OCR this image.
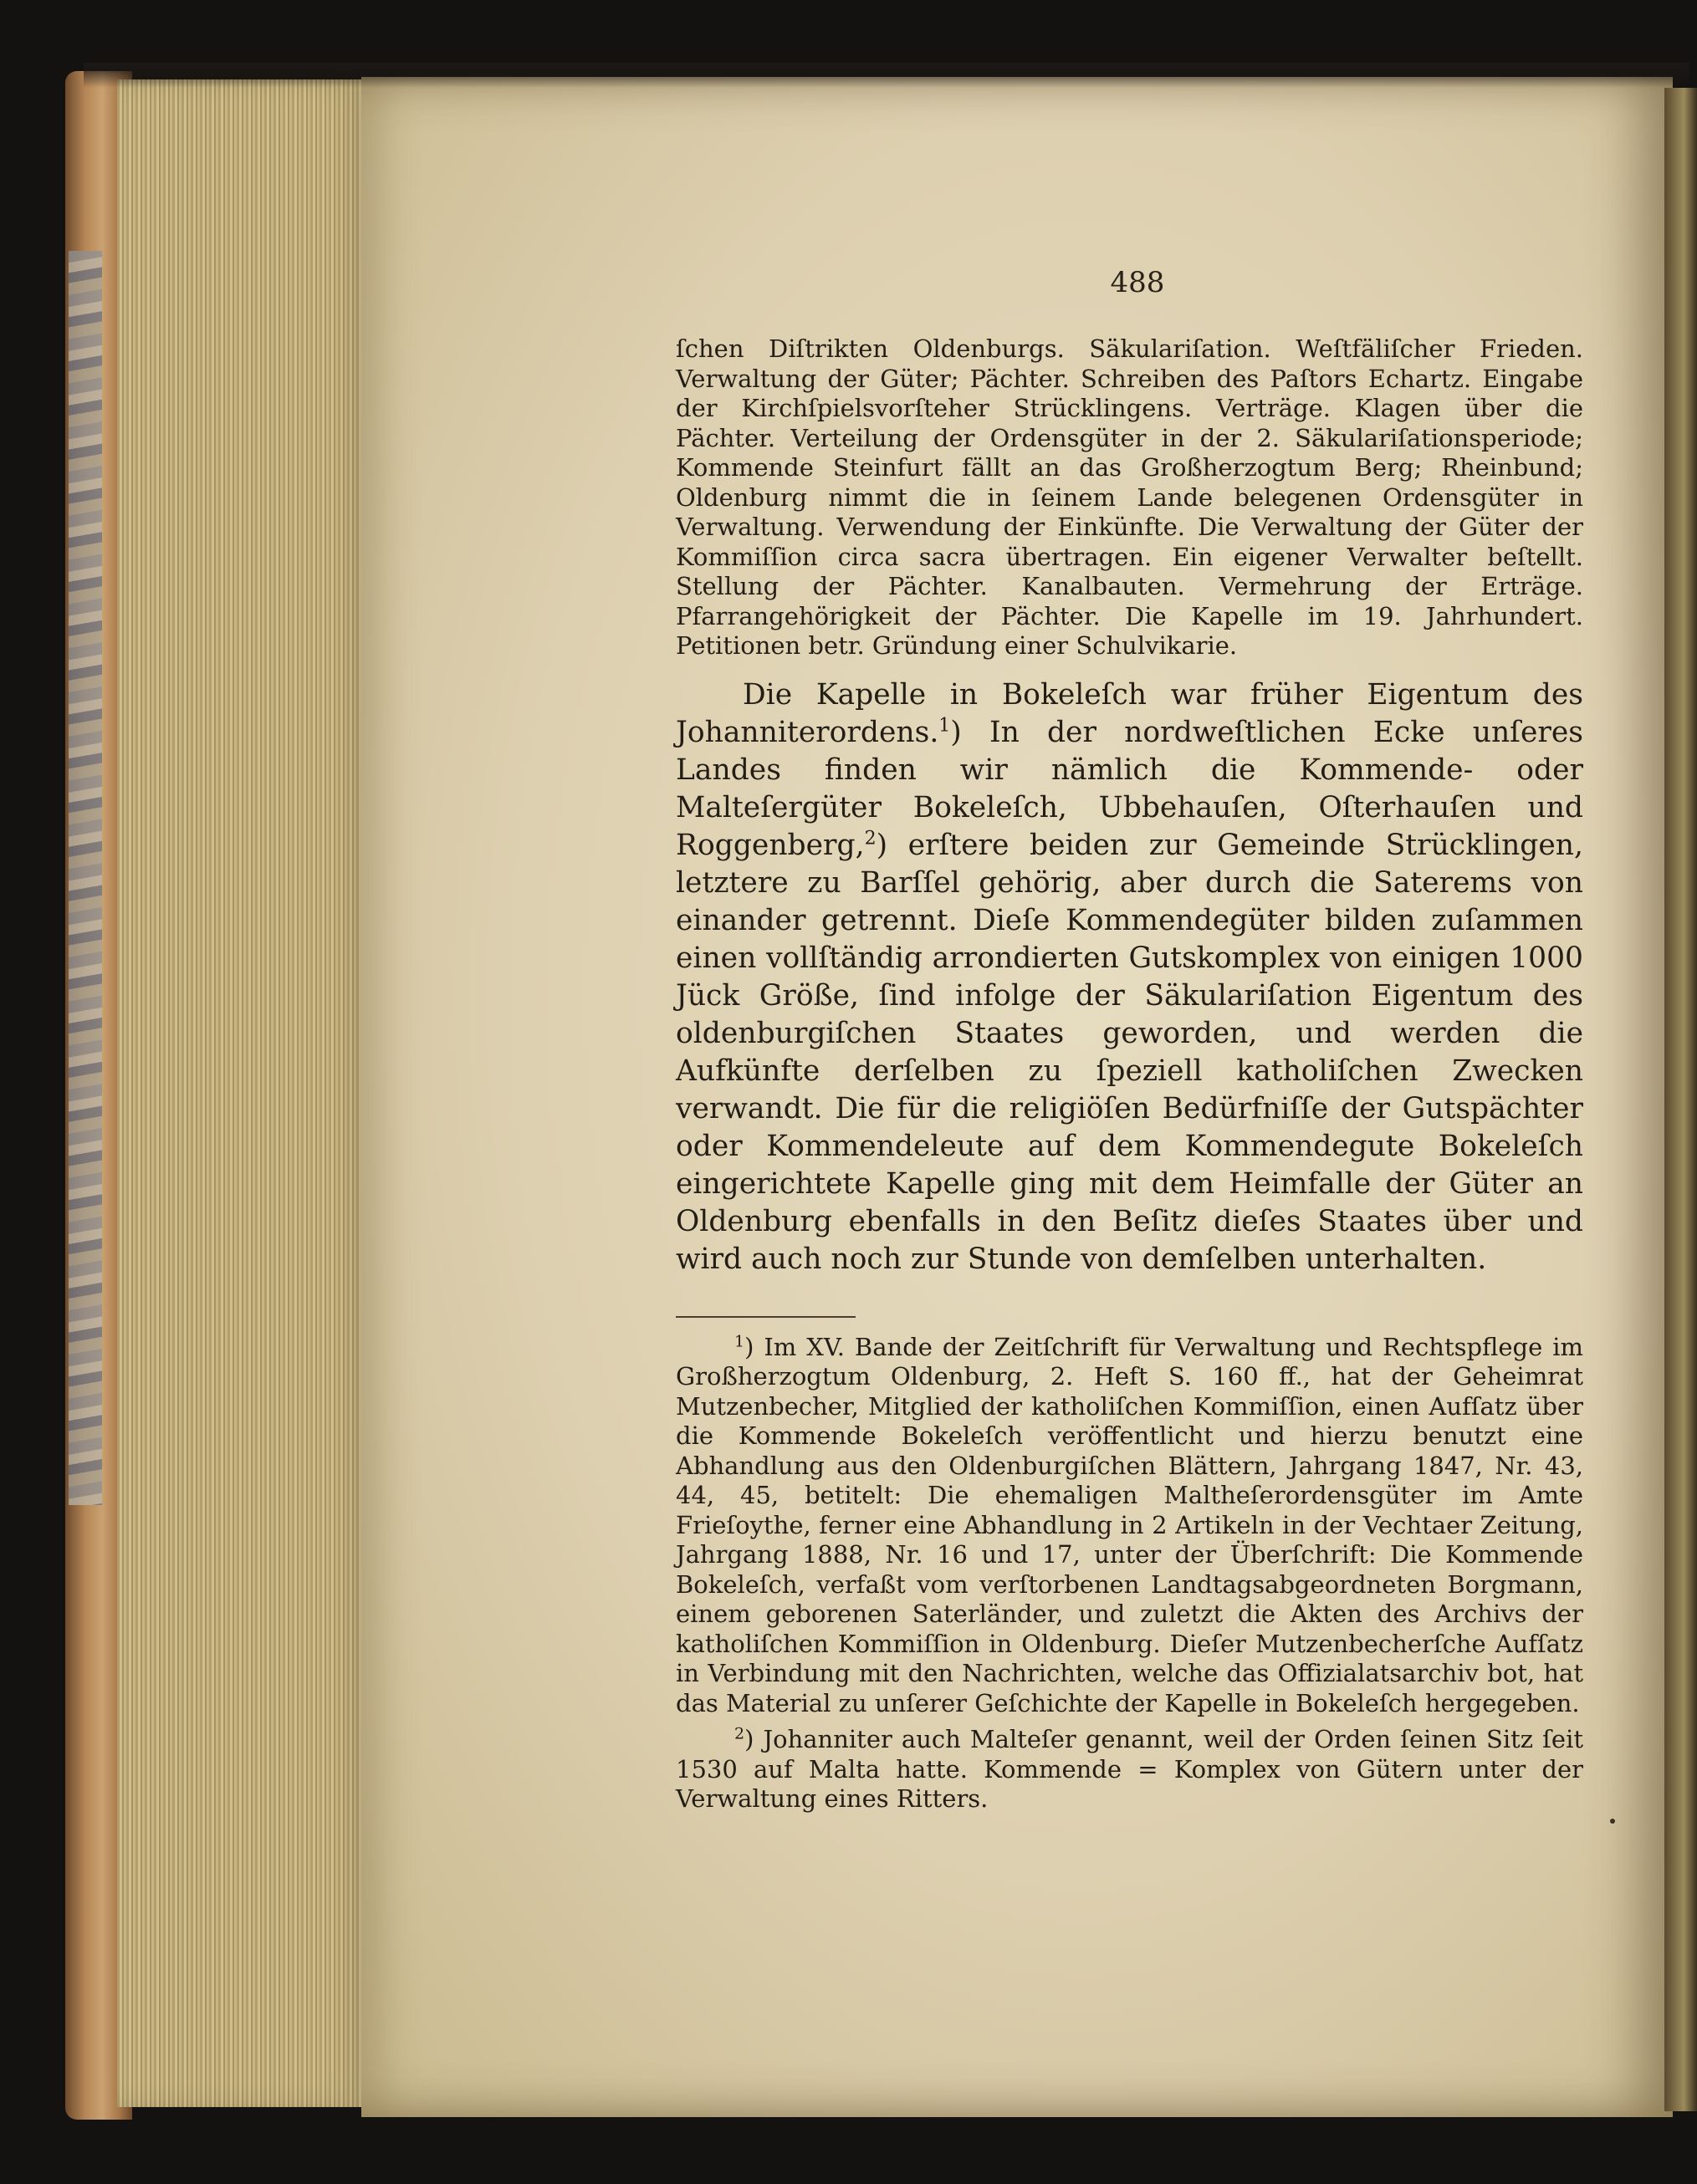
488

ſchen Diſtrikten Oldenburgs. Säkulariſation. Weſtfäliſcher Frieden. Verwaltung der Güter; Pächter. Schreiben des Paſtors Echartz. Eingabe der Kirchſpielsvorſteher Strücklingens. Verträge. Klagen über die Pächter. Verteilung der Ordensgüter in der 2. Säkulariſationsperiode; Kommende Steinfurt fällt an das Großherzogtum Berg; Rheinbund; Oldenburg nimmt die in ſeinem Lande belegenen Ordensgüter in Verwaltung. Verwendung der Einkünfte. Die Verwaltung der Güter der Kommiſſion circa sacra übertragen. Ein eigener Verwalter beſtellt. Stellung der Pächter. Kanalbauten. Vermehrung der Erträge. Pfarrangehörigkeit der Pächter. Die Kapelle im 19. Jahrhundert. Petitionen betr. Gründung einer Schulvikarie.

Die Kapelle in Bokeleſch war früher Eigentum des Johanniterordens.$^1$) In der nordweſtlichen Ecke unſeres Landes finden wir nämlich die Kommende- oder Malteſergüter Bokeleſch, Ubbehauſen, Oſterhauſen und Roggenberg,$^2$) erſtere beiden zur Gemeinde Strücklingen, letztere zu Barſſel gehörig, aber durch die Saterems von einander getrennt. Dieſe Kommendegüter bilden zuſammen einen vollſtändig arrondierten Gutskomplex von einigen 1000 Jück Größe, ſind infolge der Säkulariſation Eigentum des oldenburgiſchen Staates geworden, und werden die Aufkünfte derſelben zu ſpeziell katholiſchen Zwecken verwandt. Die für die religiöſen Bedürfniſſe der Gutspächter oder Kommendeleute auf dem Kommendegute Bokeleſch eingerichtete Kapelle ging mit dem Heimfalle der Güter an Oldenburg ebenfalls in den Beſitz dieſes Staates über und wird auch noch zur Stunde von demſelben unterhalten.

$^1$) Im XV. Bande der Zeitſchrift für Verwaltung und Rechtspflege im Großherzogtum Oldenburg, 2. Heft S. 160 ff., hat der Geheimrat Mutzenbecher, Mitglied der katholiſchen Kommiſſion, einen Aufſatz über die Kommende Bokeleſch veröffentlicht und hierzu benutzt eine Abhandlung aus den Oldenburgiſchen Blättern, Jahrgang 1847, Nr. 43, 44, 45, betitelt: Die ehemaligen Maltheſerordensgüter im Amte Frieſoythe, ferner eine Abhandlung in 2 Artikeln in der Vechtaer Zeitung, Jahrgang 1888, Nr. 16 und 17, unter der Überſchrift: Die Kommende Bokeleſch, verfaßt vom verſtorbenen Landtagsabgeordneten Borgmann, einem geborenen Saterländer, und zuletzt die Akten des Archivs der katholiſchen Kommiſſion in Oldenburg. Dieſer Mutzenbecherſche Aufſatz in Verbindung mit den Nachrichten, welche das Offizialatsarchiv bot, hat das Material zu unſerer Geſchichte der Kapelle in Bokeleſch hergegeben.

$^2$) Johanniter auch Malteſer genannt, weil der Orden ſeinen Sitz ſeit 1530 auf Malta hatte. Kommende = Komplex von Gütern unter der Verwaltung eines Ritters.
